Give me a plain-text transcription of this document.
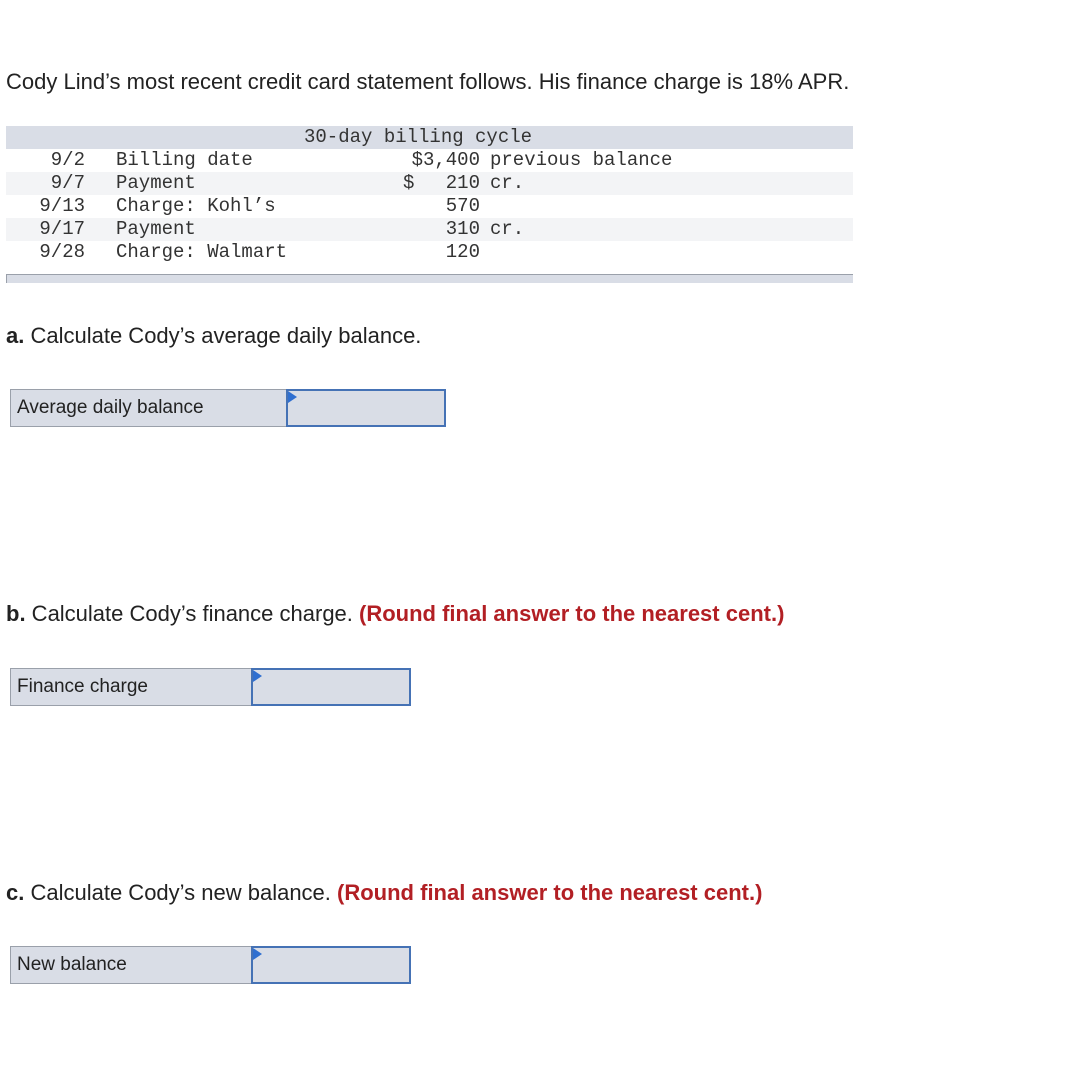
Cody Lind’s most recent credit card statement follows. His finance charge is 18% APR.
30-day billing cycle
9/2 Billing date	$3,400 previous balance
9/7 Payment	$ 210 cr.
9/13 Charge: Kohl’s	570
9/17 Payment	310 cr.
9/28 Charge: Walmart	120
a. Calculate Cody’s average daily balance.
Average daily balance
b. Calculate Cody’s finance charge. (Round final answer to the nearest cent.)
Finance charge
c. Calculate Cody’s new balance. (Round final answer to the nearest cent.)
New balance
